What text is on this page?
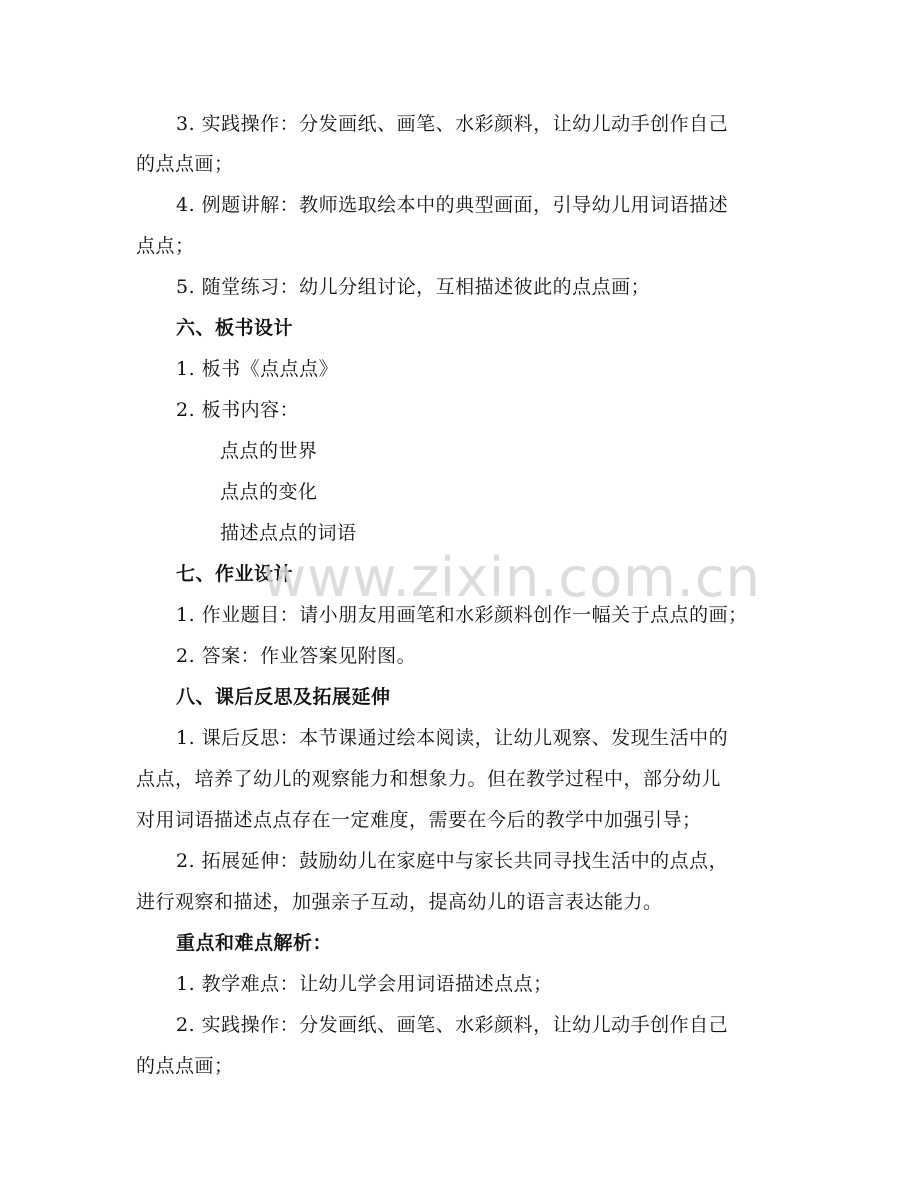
3. 实践操作：分发画纸、画笔、水彩颜料，让幼儿动手创作自己
的点点画；
4. 例题讲解：教师选取绘本中的典型画面，引导幼儿用词语描述
点点；
5. 随堂练习：幼儿分组讨论，互相描述彼此的点点画；
六、板书设计
1. 板书《点点点》
2. 板书内容：
点点的世界
点点的变化
描述点点的词语
七、作业设计
1. 作业题目：请小朋友用画笔和水彩颜料创作一幅关于点点的画；
2. 答案：作业答案见附图。
八、课后反思及拓展延伸
1. 课后反思：本节课通过绘本阅读，让幼儿观察、发现生活中的
点点，培养了幼儿的观察能力和想象力。但在教学过程中，部分幼儿
对用词语描述点点存在一定难度，需要在今后的教学中加强引导；
2. 拓展延伸：鼓励幼儿在家庭中与家长共同寻找生活中的点点，
进行观察和描述，加强亲子互动，提高幼儿的语言表达能力。
重点和难点解析：
1. 教学难点：让幼儿学会用词语描述点点；
2. 实践操作：分发画纸、画笔、水彩颜料，让幼儿动手创作自己
的点点画；
www.zixin.com.cn
